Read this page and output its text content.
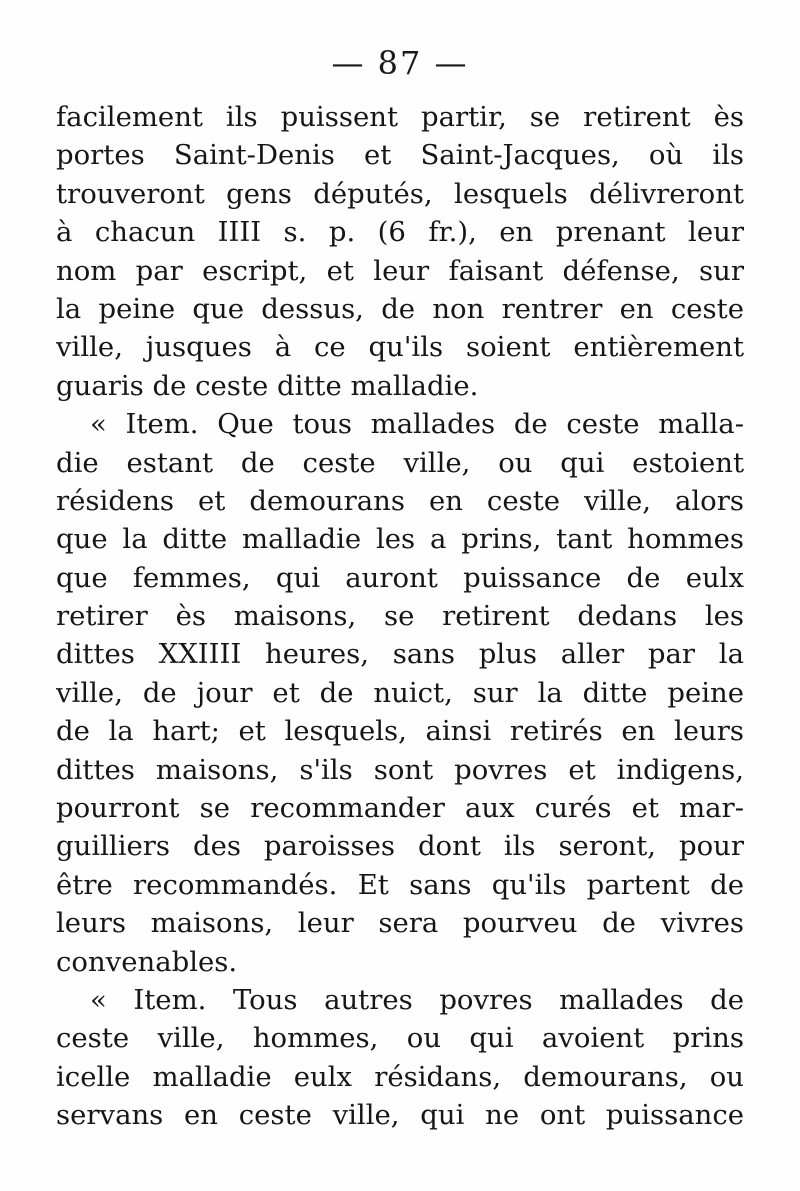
— 87 —
facilement ils puissent partir, se retirent ès
portes Saint-Denis et Saint-Jacques, où ils
trouveront gens députés, lesquels délivreront
à chacun IIII s. p. (6 fr.), en prenant leur
nom par escript, et leur faisant défense, sur
la peine que dessus, de non rentrer en ceste
ville, jusques à ce qu'ils soient entièrement
guaris de ceste ditte malladie.
« Item. Que tous mallades de ceste malla-
die estant de ceste ville, ou qui estoient
résidens et demourans en ceste ville, alors
que la ditte malladie les a prins, tant hommes
que femmes, qui auront puissance de eulx
retirer ès maisons, se retirent dedans les
dittes XXIIII heures, sans plus aller par la
ville, de jour et de nuict, sur la ditte peine
de la hart; et lesquels, ainsi retirés en leurs
dittes maisons, s'ils sont povres et indigens,
pourront se recommander aux curés et mar-
guilliers des paroisses dont ils seront, pour
être recommandés. Et sans qu'ils partent de
leurs maisons, leur sera pourveu de vivres
convenables.
« Item. Tous autres povres mallades de
ceste ville, hommes, ou qui avoient prins
icelle malladie eulx résidans, demourans, ou
servans en ceste ville, qui ne ont puissance
